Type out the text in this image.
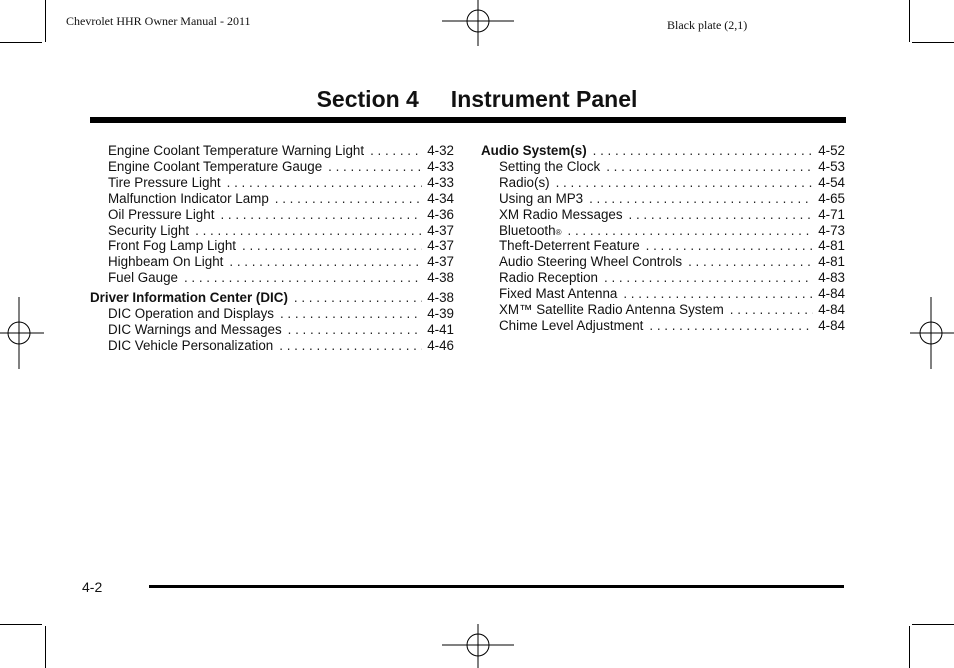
Chevrolet HHR Owner Manual - 2011	Black plate (2,1)
Section 4     Instrument Panel
Engine Coolant Temperature Warning Light . . .	4-32
Engine Coolant Temperature Gauge . . .	4-33
Tire Pressure Light . . .	4-33
Malfunction Indicator Lamp . . .	4-34
Oil Pressure Light . . .	4-36
Security Light . . .	4-37
Front Fog Lamp Light . . .	4-37
Highbeam On Light . . .	4-37
Fuel Gauge . . .	4-38
Driver Information Center (DIC) . . .	4-38
DIC Operation and Displays . . .	4-39
DIC Warnings and Messages . . .	4-41
DIC Vehicle Personalization . . .	4-46
Audio System(s) . . .	4-52
Setting the Clock . . .	4-53
Radio(s) . . .	4-54
Using an MP3 . . .	4-65
XM Radio Messages . . .	4-71
Bluetooth ® . . .	4-73
Theft-Deterrent Feature . . .	4-81
Audio Steering Wheel Controls . . .	4-81
Radio Reception . . .	4-83
Fixed Mast Antenna . . .	4-84
XM™ Satellite Radio Antenna System . . .	4-84
Chime Level Adjustment . . .	4-84
4-2
